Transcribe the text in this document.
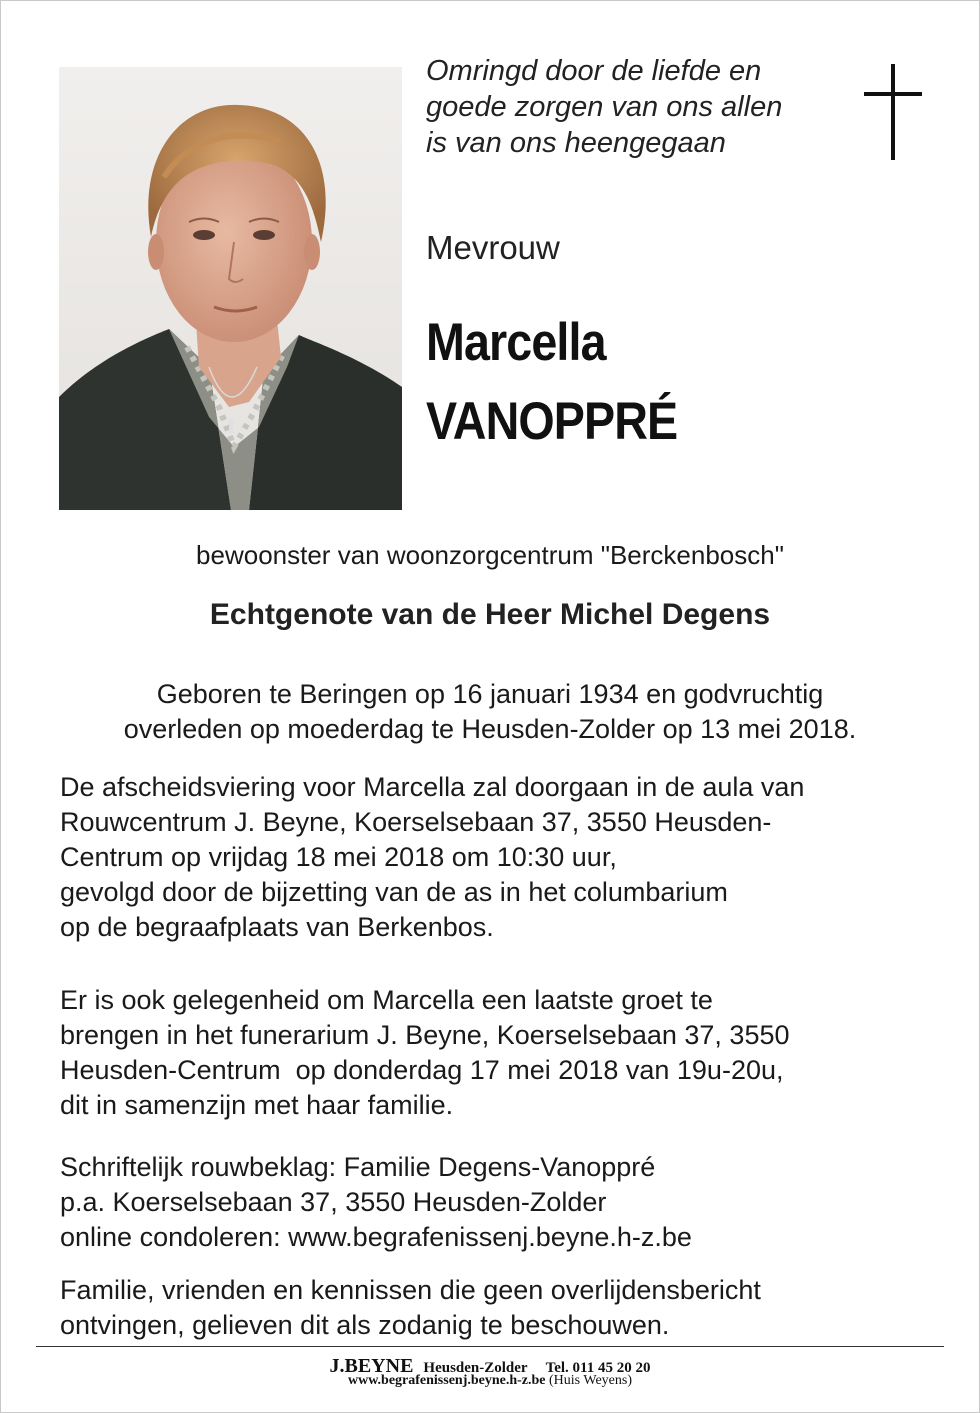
Omringd door de liefde en
goede zorgen van ons allen
is van ons heengegaan
Mevrouw
Marcella
VANOPPRÉ
bewoonster van woonzorgcentrum "Berckenbosch"
Echtgenote van de Heer Michel Degens
Geboren te Beringen op 16 januari 1934 en godvruchtig
overleden op moederdag te Heusden-Zolder op 13 mei 2018.
De afscheidsviering voor Marcella zal doorgaan in de aula van
Rouwcentrum J. Beyne, Koerselsebaan 37, 3550 Heusden-
Centrum op vrijdag 18 mei 2018 om 10:30 uur,
gevolgd door de bijzetting van de as in het columbarium
op de begraafplaats van Berkenbos.
Er is ook gelegenheid om Marcella een laatste groet te
brengen in het funerarium J. Beyne, Koerselsebaan 37, 3550
Heusden-Centrum  op donderdag 17 mei 2018 van 19u-20u,
dit in samenzijn met haar familie.
Schriftelijk rouwbeklag: Familie Degens-Vanoppré
p.a. Koerselsebaan 37, 3550 Heusden-Zolder
online condoleren: www.begrafenissenj.beyne.h-z.be
Familie, vrienden en kennissen die geen overlijdensbericht
ontvingen, gelieven dit als zodanig te beschouwen.
J.BEYNE Heusden-Zolder Tel. 011 45 20 20
www.begrafenissenj.beyne.h-z.be (Huis Weyens)
